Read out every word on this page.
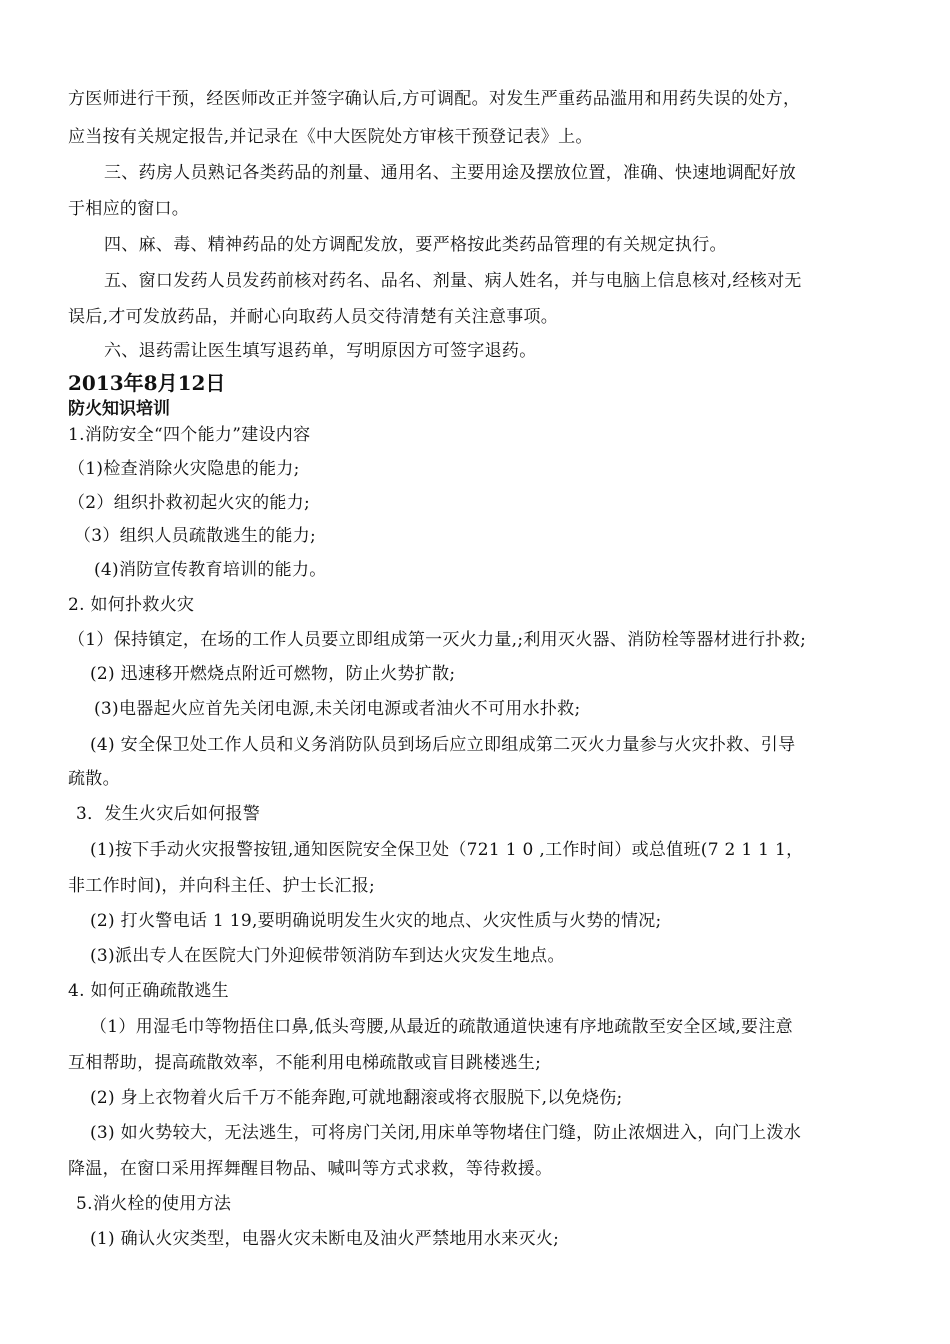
方医师进行干预，经医师改正并签字确认后,方可调配。对发生严重药品滥用和用药失误的处方，
应当按有关规定报告,并记录在《中大医院处方审核干预登记表》上。
三、药房人员熟记各类药品的剂量、通用名、主要用途及摆放位置，准确、快速地调配好放
于相应的窗口。
四、麻、毒、精神药品的处方调配发放，要严格按此类药品管理的有关规定执行。
五、窗口发药人员发药前核对药名、品名、剂量、病人姓名，并与电脑上信息核对,经核对无
误后,才可发放药品，并耐心向取药人员交待清楚有关注意事项。
六、退药需让医生填写退药单，写明原因方可签字退药。
2013年8月12日
防火知识培训
1.消防安全“四个能力”建设内容
（1)检查消除火灾隐患的能力;
（2）组织扑救初起火灾的能力;
（3）组织人员疏散逃生的能力;
(4)消防宣传教育培训的能力。
2. 如何扑救火灾
（1）保持镇定，在场的工作人员要立即组成第一灭火力量,;利用灭火器、消防栓等器材进行扑救;
(2) 迅速移开燃烧点附近可燃物，防止火势扩散;
(3)电器起火应首先关闭电源,未关闭电源或者油火不可用水扑救;
(4) 安全保卫处工作人员和义务消防队员到场后应立即组成第二灭火力量参与火灾扑救、引导
疏散。
3．发生火灾后如何报警
(1)按下手动火灾报警按钮,通知医院安全保卫处（721 1 0 ,工作时间）或总值班(7 2 1 1 1，
非工作时间)，并向科主任、护士长汇报;
(2) 打火警电话 1 19,要明确说明发生火灾的地点、火灾性质与火势的情况;
(3)派出专人在医院大门外迎候带领消防车到达火灾发生地点。
4. 如何正确疏散逃生
（1）用湿毛巾等物捂住口鼻,低头弯腰,从最近的疏散通道快速有序地疏散至安全区域,要注意
互相帮助，提高疏散效率，不能利用电梯疏散或盲目跳楼逃生;
(2) 身上衣物着火后千万不能奔跑,可就地翻滚或将衣服脱下,以免烧伤;
(3) 如火势较大，无法逃生，可将房门关闭,用床单等物堵住门缝，防止浓烟进入，向门上泼水
降温，在窗口采用挥舞醒目物品、喊叫等方式求救，等待救援。
5.消火栓的使用方法
(1) 确认火灾类型，电器火灾未断电及油火严禁地用水来灭火;
